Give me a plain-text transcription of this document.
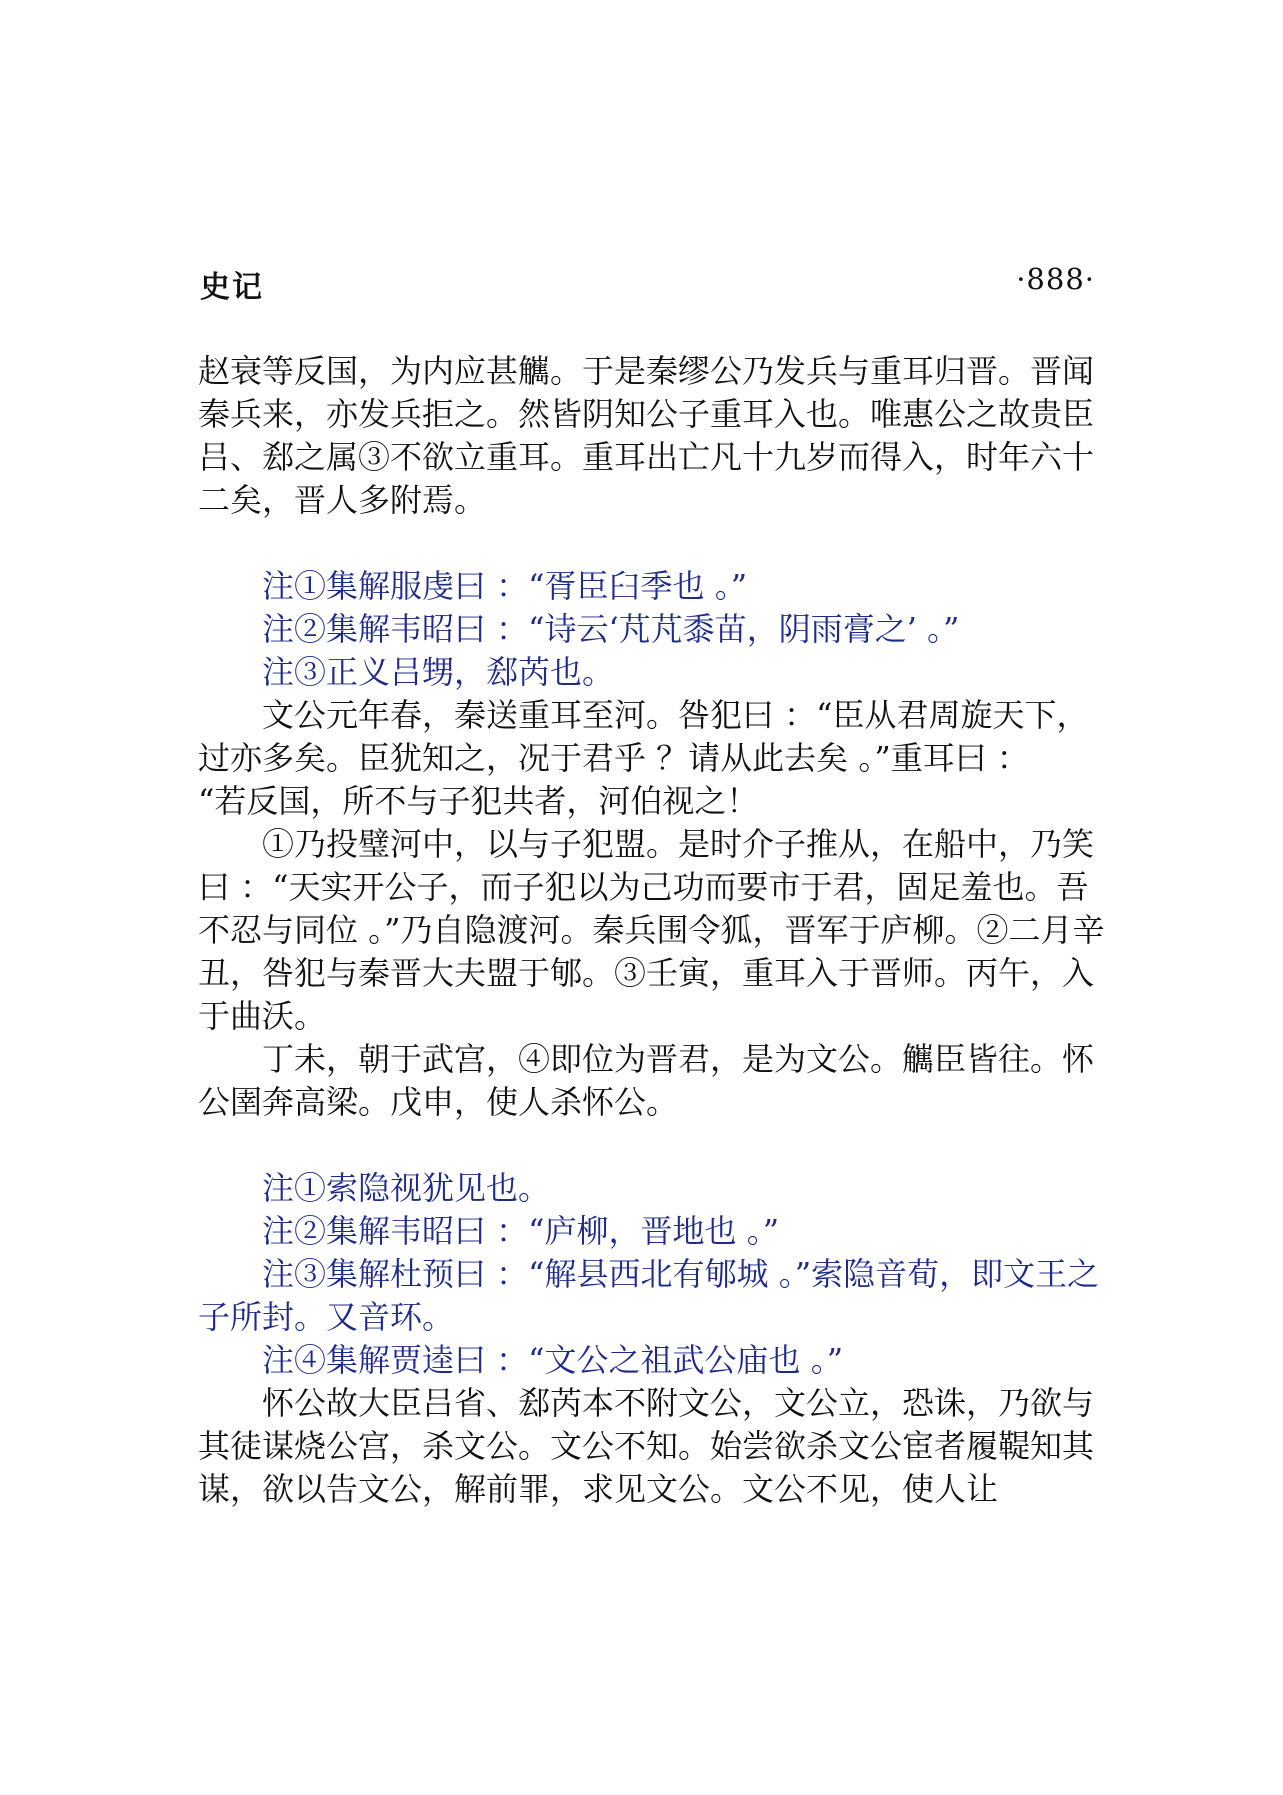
史记	·888·

赵衰等反国，为内应甚觽。于是秦缪公乃发兵与重耳归晋。晋闻秦兵来，亦发兵拒之。然皆阴知公子重耳入也。唯惠公之故贵臣吕、郄之属③不欲立重耳。重耳出亡凡十九岁而得入，时年六十二矣，晋人多附焉。

注①集解服虔曰 ：“胥臣臼季也 。”

注②集解韦昭曰 ：“诗云‘芃芃黍苗，阴雨膏之’ 。”

注③正义吕甥，郄芮也。

文公元年春，秦送重耳至河。咎犯曰 ：“臣从君周旋天下，过亦多矣。臣犹知之，况于君乎 ？请从此去矣 。”重耳曰 ：

“若反国，所不与子犯共者，河伯视之！

①乃投璧河中，以与子犯盟。是时介子推从，在船中，乃笑曰 ：“天实开公子，而子犯以为己功而要市于君，固足羞也。吾不忍与同位 。”乃自隐渡河。秦兵围令狐，晋军于庐柳。②二月辛丑，咎犯与秦晋大夫盟于郇。③壬寅，重耳入于晋师。丙午，入于曲沃。

丁未，朝于武宫，④即位为晋君，是为文公。觽臣皆往。怀公圉奔高梁。戊申，使人杀怀公。

注①索隐视犹见也。

注②集解韦昭曰 ：“庐柳，晋地也 。”

注③集解杜预曰 ：“解县西北有郇城 。”索隐音荀，即文王之子所封。又音环。

注④集解贾逵曰 ：“文公之祖武公庙也 。”

怀公故大臣吕省、郄芮本不附文公，文公立，恐诛，乃欲与其徒谋烧公宫，杀文公。文公不知。始尝欲杀文公宦者履鞮知其谋，欲以告文公，解前罪，求见文公。文公不见，使人让
